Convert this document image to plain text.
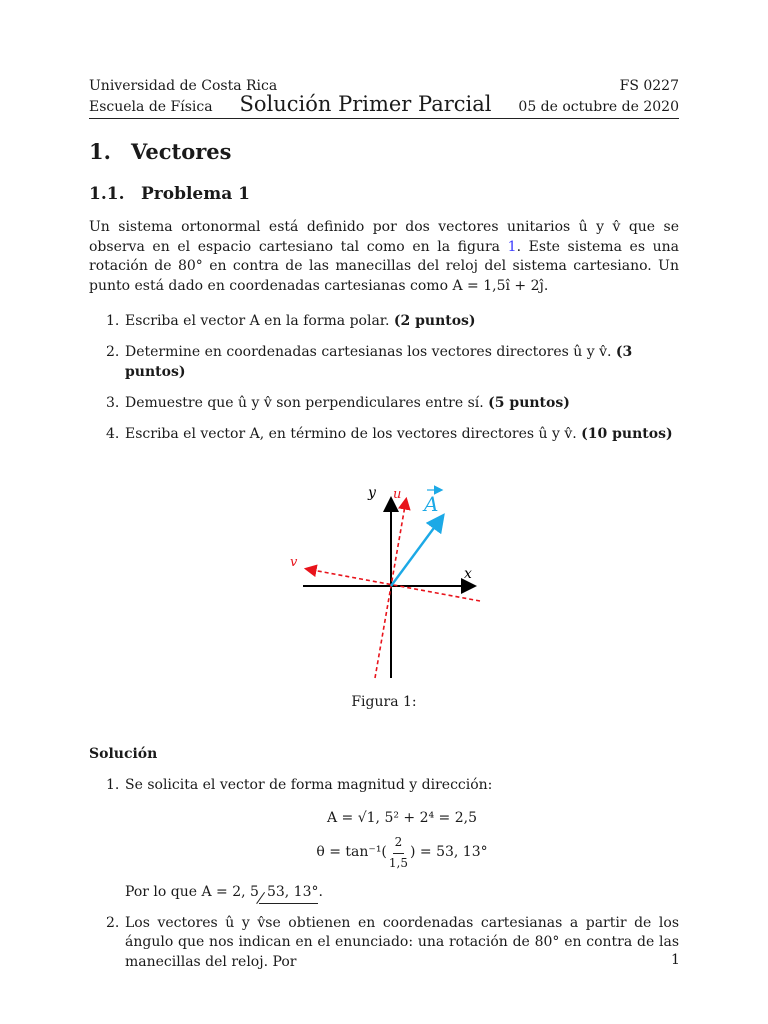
Universidad de Costa Rica	FS 0227
Escuela de Física Solución Primer Parcial 05 de octubre de 2020
1. Vectores
1.1. Problema 1

Un sistema ortonormal está definido por dos vectores unitarios û y v̂ que se observa en el espacio cartesiano tal como en la figura 1. Este sistema es una rotación de 80° en contra de las manecillas del reloj del sistema cartesiano. Un punto está dado en coordenadas cartesianas como A = 1,5î + 2ĵ.

1. Escriba el vector A en la forma polar. (2 puntos)
2. Determine en coordenadas cartesianas los vectores directores û y v̂. (3 puntos)
3. Demuestre que û y v̂ son perpendiculares entre sí. (5 puntos)
4. Escriba el vector A, en término de los vectores directores û y v̂. (10 puntos)
y
x
u
v
A
Figura 1:
Solución
1. Se solicita el vector de forma magnitud y dirección:
A = √1, 5² + 2⁴ = 2,5
$\theta = \tan^{-1}( \frac{2}{1,5}$ ) = 53, 13°
Por lo que A = 2, 5 53, 13°.
2. Los vectores û y v̂se obtienen en coordenadas cartesianas a partir de los ángulo que nos indican en el enunciado: una rotación de 80° en contra de las manecillas del reloj. Por	1
